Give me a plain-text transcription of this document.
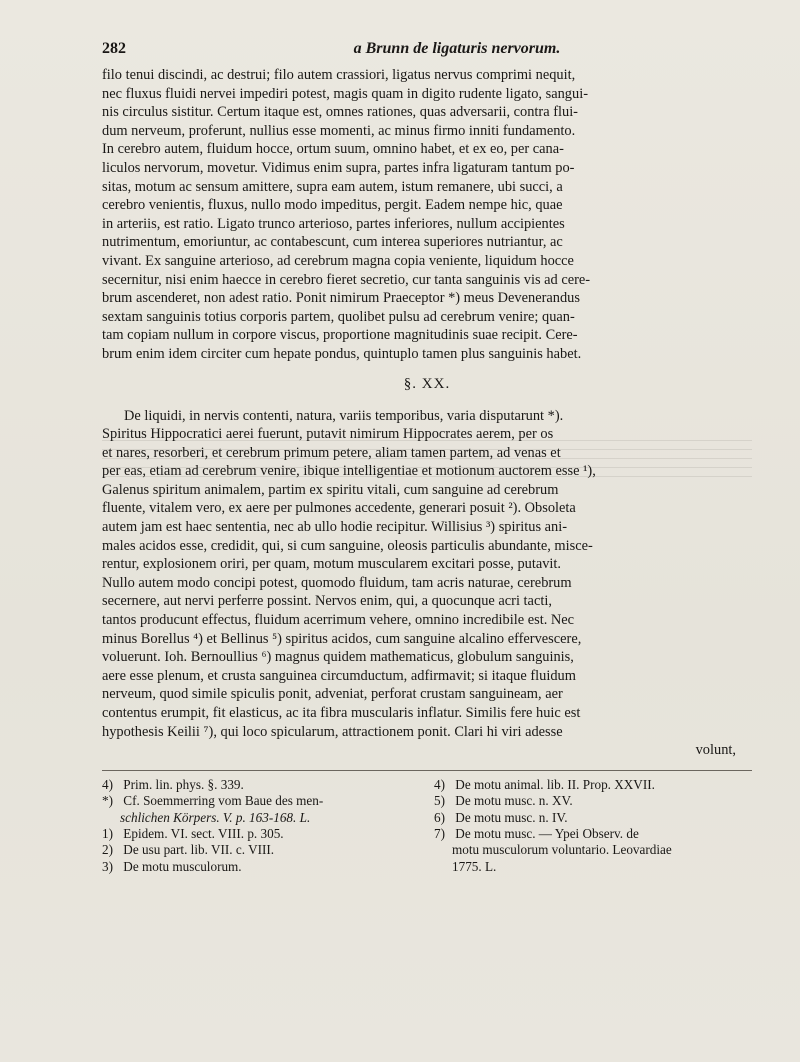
282	a Brunn de ligaturis nervorum.
filo tenui discindi, ac destrui; filo autem crassiori, ligatus nervus comprimi nequit,
nec fluxus fluidi nervei impediri potest, magis quam in digito rudente ligato, sangui-
nis circulus sistitur. Certum itaque est, omnes rationes, quas adversarii, contra flui-
dum nerveum, proferunt, nullius esse momenti, ac minus firmo inniti fundamento.
In cerebro autem, fluidum hocce, ortum suum, omnino habet, et ex eo, per cana-
liculos nervorum, movetur. Vidimus enim supra, partes infra ligaturam tantum po-
sitas, motum ac sensum amittere, supra eam autem, istum remanere, ubi succi, a
cerebro venientis, fluxus, nullo modo impeditus, pergit. Eadem nempe hic, quae
in arteriis, est ratio. Ligato trunco arterioso, partes inferiores, nullum accipientes
nutrimentum, emoriuntur, ac contabescunt, cum interea superiores nutriantur, ac
vivant. Ex sanguine arterioso, ad cerebrum magna copia veniente, liquidum hocce
secernitur, nisi enim haecce in cerebro fieret secretio, cur tanta sanguinis vis ad cere-
brum ascenderet, non adest ratio. Ponit nimirum Praeceptor *) meus Devenerandus
sextam sanguinis totius corporis partem, quolibet pulsu ad cerebrum venire; quan-
tam copiam nullum in corpore viscus, proportione magnitudinis suae recipit. Cere-
brum enim idem circiter cum hepate pondus, quintuplo tamen plus sanguinis habet.
§. XX.
De liquidi, in nervis contenti, natura, variis temporibus, varia disputarunt *).
Spiritus Hippocratici aerei fuerunt, putavit nimirum Hippocrates aerem, per os
et nares, resorberi, et cerebrum primum petere, aliam tamen partem, ad venas et
per eas, etiam ad cerebrum venire, ibique intelligentiae et motionum auctorem esse ¹),
Galenus spiritum animalem, partim ex spiritu vitali, cum sanguine ad cerebrum
fluente, vitalem vero, ex aere per pulmones accedente, generari posuit ²). Obsoleta
autem jam est haec sententia, nec ab ullo hodie recipitur. Willisius ³) spiritus ani-
males acidos esse, credidit, qui, si cum sanguine, oleosis particulis abundante, misce-
rentur, explosionem oriri, per quam, motum muscularem excitari posse, putavit.
Nullo autem modo concipi potest, quomodo fluidum, tam acris naturae, cerebrum
secernere, aut nervi perferre possint. Nervos enim, qui, a quocunque acri tacti,
tantos producunt effectus, fluidum acerrimum vehere, omnino incredibile est. Nec
minus Borellus ⁴) et Bellinus ⁵) spiritus acidos, cum sanguine alcalino effervescere,
voluerunt. Ioh. Bernoullius ⁶) magnus quidem mathematicus, globulum sanguinis,
aere esse plenum, et crusta sanguinea circumductum, adfirmavit; si itaque fluidum
nerveum, quod simile spiculis ponit, adveniat, perforat crustam sanguineam, aer
contentus erumpit, fit elasticus, ac ita fibra muscularis inflatur. Similis fere huic est
hypothesis Keilii ⁷), qui loco spicularum, attractionem ponit. Clari hi viri adesse
volunt,
4) Prim. lin. phys. §. 339.
*) Cf. Soemmerring vom Baue des men-
schlichen Körpers. V. p. 163-168. L.
1) Epidem. VI. sect. VIII. p. 305.
2) De usu part. lib. VII. c. VIII.
3) De motu musculorum.
4) De motu animal. lib. II. Prop. XXVII.
5) De motu musc. n. XV.
6) De motu musc. n. IV.
7) De motu musc. — Ypei Observ. de
motu musculorum voluntario. Leovardiae
1775. L.
